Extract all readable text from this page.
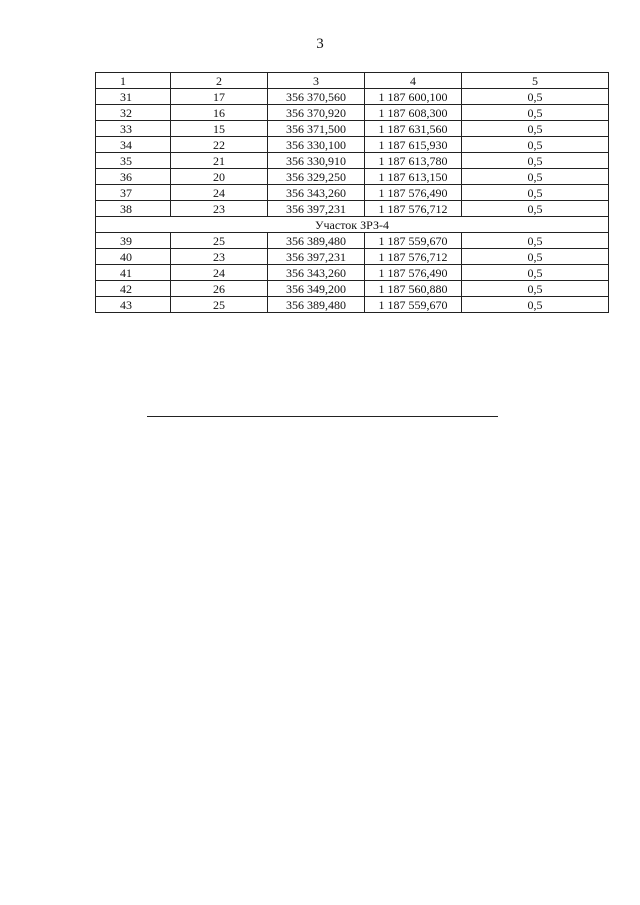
3
1	2	3	4	5
31	17	356 370,560	1 187 600,100	0,5
32	16	356 370,920	1 187 608,300	0,5
33	15	356 371,500	1 187 631,560	0,5
34	22	356 330,100	1 187 615,930	0,5
35	21	356 330,910	1 187 613,780	0,5
36	20	356 329,250	1 187 613,150	0,5
37	24	356 343,260	1 187 576,490	0,5
38	23	356 397,231	1 187 576,712	0,5
Участок ЗРЗ-4				
39	25	356 389,480	1 187 559,670	0,5
40	23	356 397,231	1 187 576,712	0,5
41	24	356 343,260	1 187 576,490	0,5
42	26	356 349,200	1 187 560,880	0,5
43	25	356 389,480	1 187 559,670	0,5
